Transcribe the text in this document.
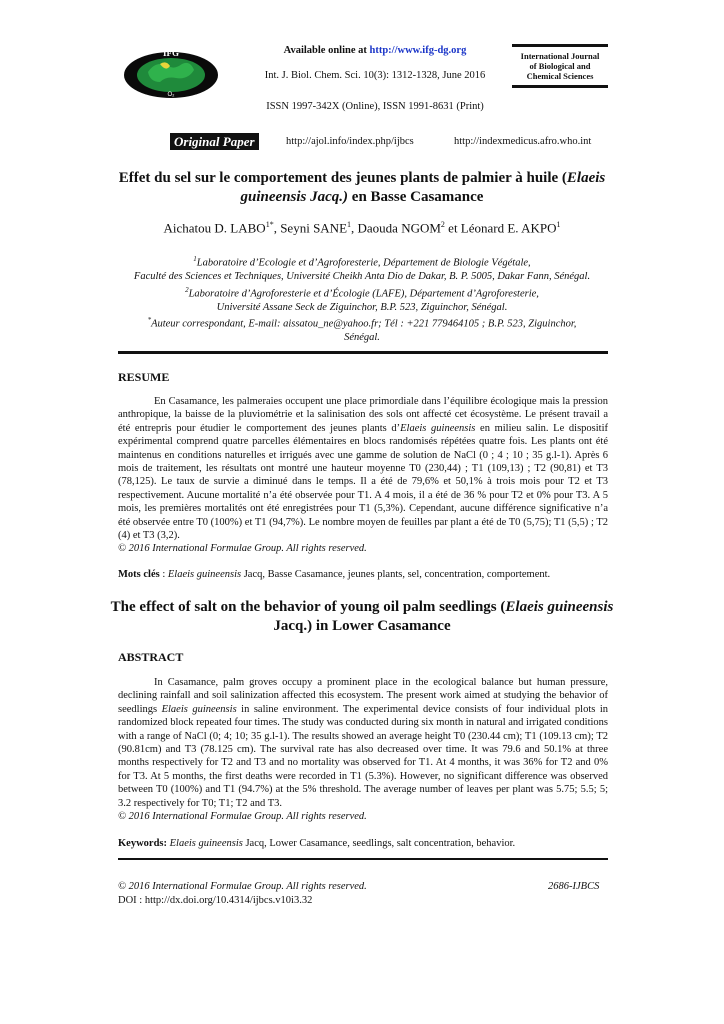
IFG
O₂
Available online at http://www.ifg-dg.org
Int. J. Biol. Chem. Sci. 10(3): 1312-1328, June 2016
ISSN 1997-342X (Online), ISSN 1991-8631 (Print)
International Journal
of Biological and
Chemical Sciences
Original Paper	http://ajol.info/index.php/ijbcs	http://indexmedicus.afro.who.int
Effet du sel sur le comportement des jeunes plants de palmier à huile (Elaeis
guineensis Jacq.) en Basse Casamance
Aichatou D. $LABO^{1*}$, Seyni SANE$^1$, Daouda NGOM$^2$ et Léonard E. AKPO$^1$
$^1$Laboratoire d’Ecologie et d’Agroforesterie, Département de Biologie Végétale,
Faculté des Sciences et Techniques, Université Cheikh Anta Dio de Dakar, B. P. 5005, Dakar Fann, Sénégal.
$^2$Laboratoire d’Agroforesterie et d’Écologie (LAFE), Département d’Agroforesterie,
Université Assane Seck de Ziguinchor, B.P. 523, Ziguinchor, Sénégal.
*Auteur correspondant, E-mail: aissatou_ne@yahoo.fr; Tél : +221 779464105 ; B.P. 523, Ziguinchor,
Sénégal.
RESUME
En Casamance, les palmeraies occupent une place primordiale dans l’équilibre écologique mais la pression anthropique, la baisse de la pluviométrie et la salinisation des sols ont affecté cet écosystème. Le présent travail a été entrepris pour étudier le comportement des jeunes plants d’Elaeis guineensis en milieu salin. Le dispositif expérimental comprend quatre parcelles élémentaires en blocs randomisés répétées quatre fois. Les plants ont été maintenus en conditions naturelles et irrigués avec une gamme de solution de NaCl (0 ; 4 ; 10 ; 35 g.l-1). Après 6 mois de traitement, les résultats ont montré une hauteur moyenne T0 (230,44) ; T1 (109,13) ; T2 (90,81) et T3 (78,125). Le taux de survie a diminué dans le temps. Il a été de 79,6% et 50,1% à trois mois pour T2 et T3 respectivement. Aucune mortalité n’a été observée pour T1. A 4 mois, il a été de 36 % pour T2 et 0% pour T3. A 5 mois, les premières mortalités ont été enregistrées pour T1 (5,3%). Cependant, aucune différence significative n’a été observée entre T0 (100%) et T1 (94,7%). Le nombre moyen de feuilles par plant a été de T0 (5,75); T1 (5,5) ; T2 (4) et T3 (3,2).
© 2016 International Formulae Group. All rights reserved.
Mots clés : Elaeis guineensis Jacq, Basse Casamance, jeunes plants, sel, concentration, comportement.
The effect of salt on the behavior of young oil palm seedlings (Elaeis guineensis
Jacq.) in Lower Casamance
ABSTRACT
In Casamance, palm groves occupy a prominent place in the ecological balance but human pressure, declining rainfall and soil salinization affected this ecosystem. The present work aimed at studying the behavior of seedlings Elaeis guineensis in saline environment. The experimental device consists of four individual plots in randomized block repeated four times. The study was conducted during six month in natural and irrigated conditions with a range of NaCl (0; 4; 10; 35 g.l-1). The results showed an average height T0 (230.44 cm); T1 (109.13 cm); T2 (90.81cm) and T3 (78.125 cm). The survival rate has also decreased over time. It was 79.6 and 50.1% at three months respectively for T2 and T3 and no mortality was observed for T1. At 4 months, it was 36% for T2 and 0% for T3. At 5 months, the first deaths were recorded in T1 (5.3%). However, no significant difference was observed between T0 (100%) and T1 (94.7%) at the 5% threshold. The average number of leaves per plant was 5.75; 5.5; 5; 3.2 respectively for T0; T1; T2 and T3.
© 2016 International Formulae Group. All rights reserved.
Keywords: Elaeis guineensis Jacq, Lower Casamance, seedlings, salt concentration, behavior.
© 2016 International Formulae Group. All rights reserved.	2686-IJBCS
DOI : http://dx.doi.org/10.4314/ijbcs.v10i3.32
